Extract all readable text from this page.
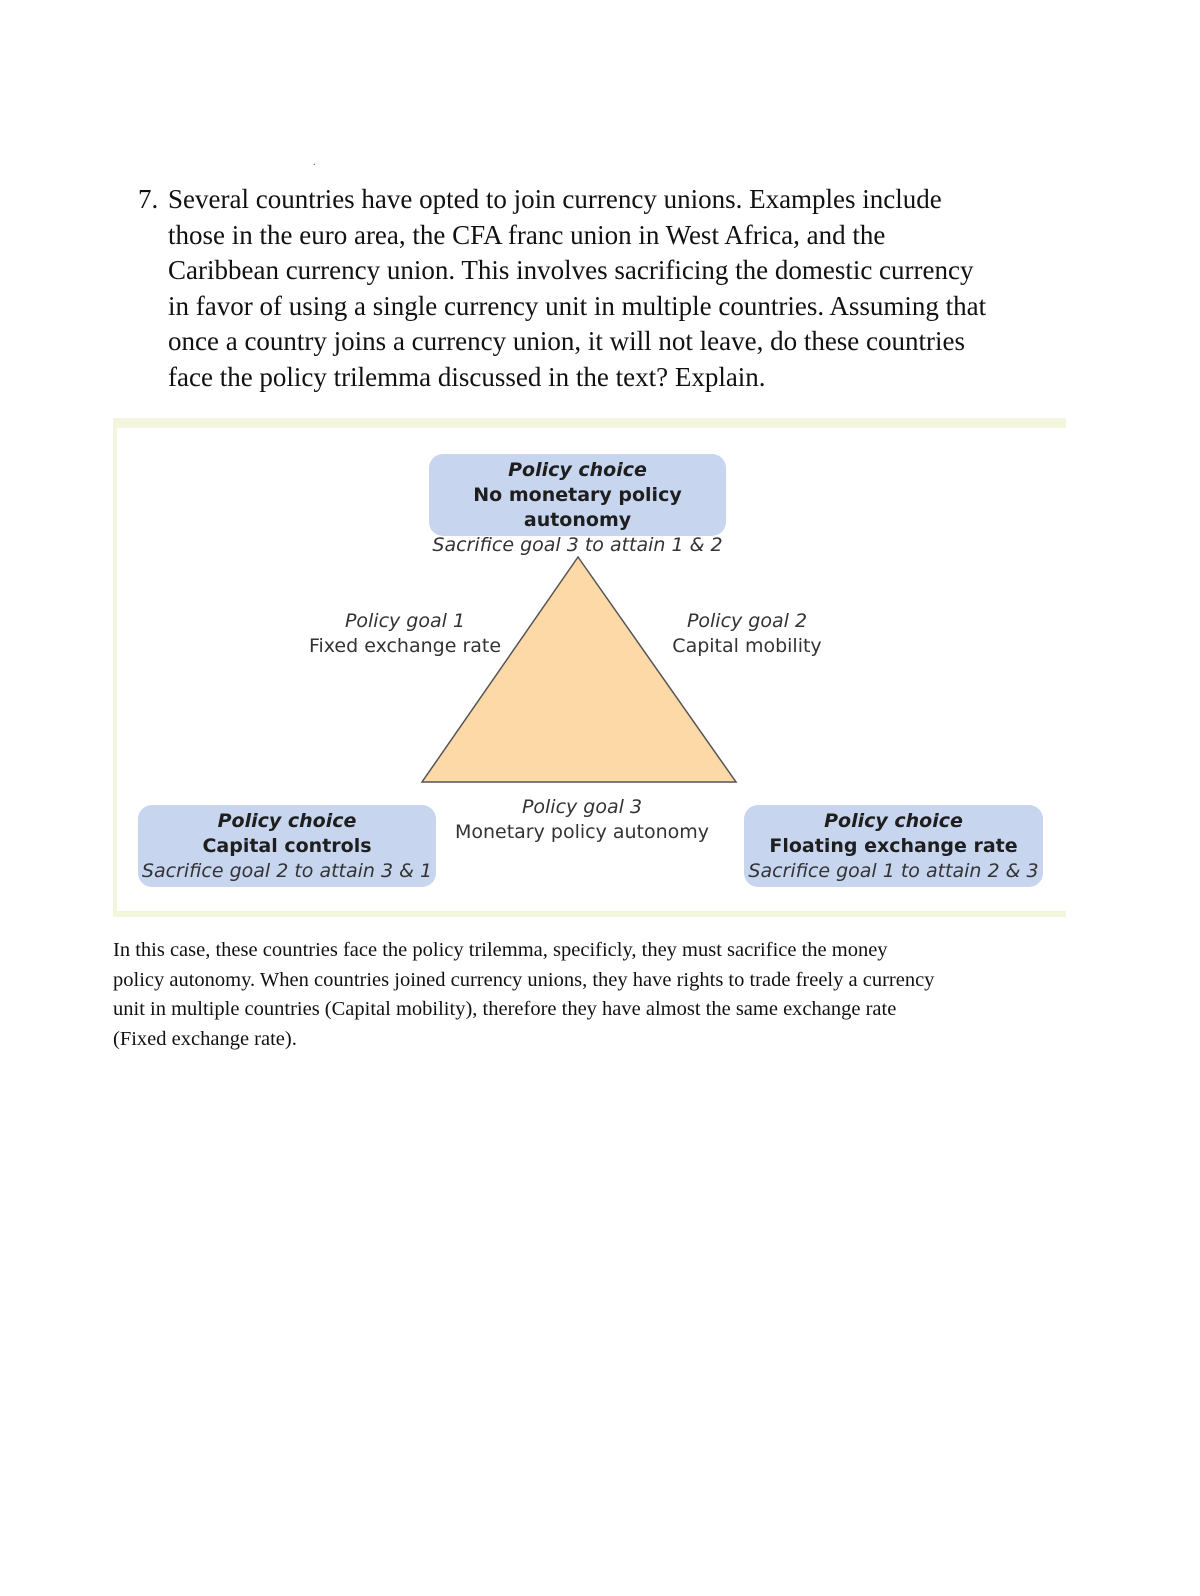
.
7. Several countries have opted to join currency unions. Examples include
those in the euro area, the CFA franc union in West Africa, and the
Caribbean currency union. This involves sacrificing the domestic currency
in favor of using a single currency unit in multiple countries. Assuming that
once a country joins a currency union, it will not leave, do these countries
face the policy trilemma discussed in the text? Explain.
Policy choice
No monetary policy autonomy
Sacrifice goal 3 to attain 1 & 2
Policy choice
Capital controls
Sacrifice goal 2 to attain 3 & 1
Policy choice
Floating exchange rate
Sacrifice goal 1 to attain 2 & 3
Policy goal 1
Fixed exchange rate
Policy goal 2
Capital mobility
Policy goal 3
Monetary policy autonomy
In this case, these countries face the policy trilemma, specificly, they must sacrifice the money
policy autonomy. When countries joined currency unions, they have rights to trade freely a currency
unit in multiple countries (Capital mobility), therefore they have almost the same exchange rate
(Fixed exchange rate).
